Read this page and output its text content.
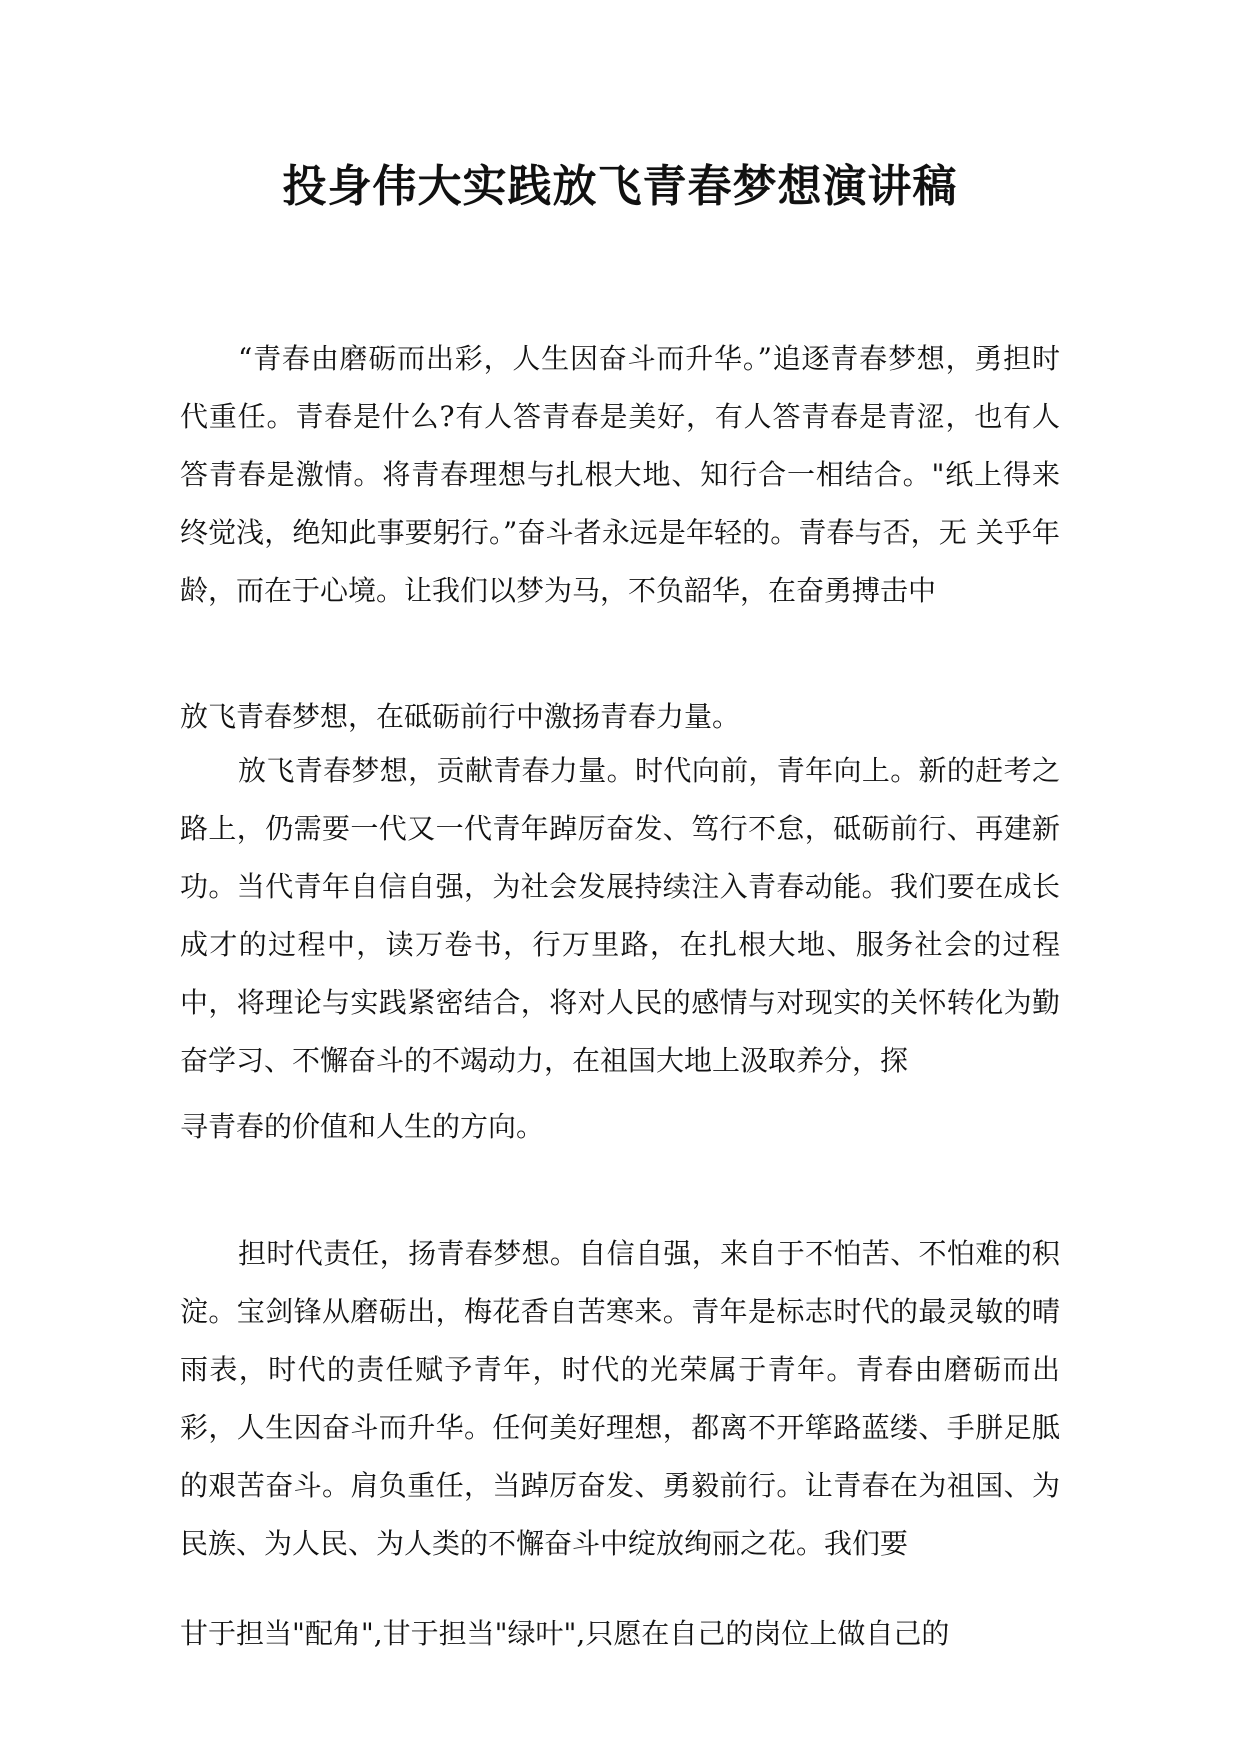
投身伟大实践放飞青春梦想演讲稿

“青春由磨砺而出彩，人生因奋斗而升华。”追逐青春梦想，勇担时代重任。青春是什么?有人答青春是美好，有人答青春是青涩，也有人答青春是激情。将青春理想与扎根大地、知行合一相结合。"纸上得来终觉浅，绝知此事要躬行。”奋斗者永远是年轻的。青春与否，无 关乎年龄，而在于心境。让我们以梦为马，不负韶华，在奋勇搏击中

放飞青春梦想，在砥砺前行中激扬青春力量。

放飞青春梦想，贡献青春力量。时代向前，青年向上。新的赶考之路上，仍需要一代又一代青年踔厉奋发、笃行不怠，砥砺前行、再建新功。当代青年自信自强，为社会发展持续注入青春动能。我们要在成长成才的过程中，读万卷书，行万里路，在扎根大地、服务社会的过程中，将理论与实践紧密结合，将对人民的感情与对现实的关怀转化为勤奋学习、不懈奋斗的不竭动力，在祖国大地上汲取养分，探

寻青春的价值和人生的方向。

担时代责任，扬青春梦想。自信自强，来自于不怕苦、不怕难的积淀。宝剑锋从磨砺出，梅花香自苦寒来。青年是标志时代的最灵敏的晴雨表，时代的责任赋予青年，时代的光荣属于青年。青春由磨砺而出彩，人生因奋斗而升华。任何美好理想，都离不开筚路蓝缕、手胼足胝的艰苦奋斗。肩负重任，当踔厉奋发、勇毅前行。让青春在为祖国、为民族、为人民、为人类的不懈奋斗中绽放绚丽之花。我们要

甘于担当"配角",甘于担当"绿叶",只愿在自己的岗位上做自己的
